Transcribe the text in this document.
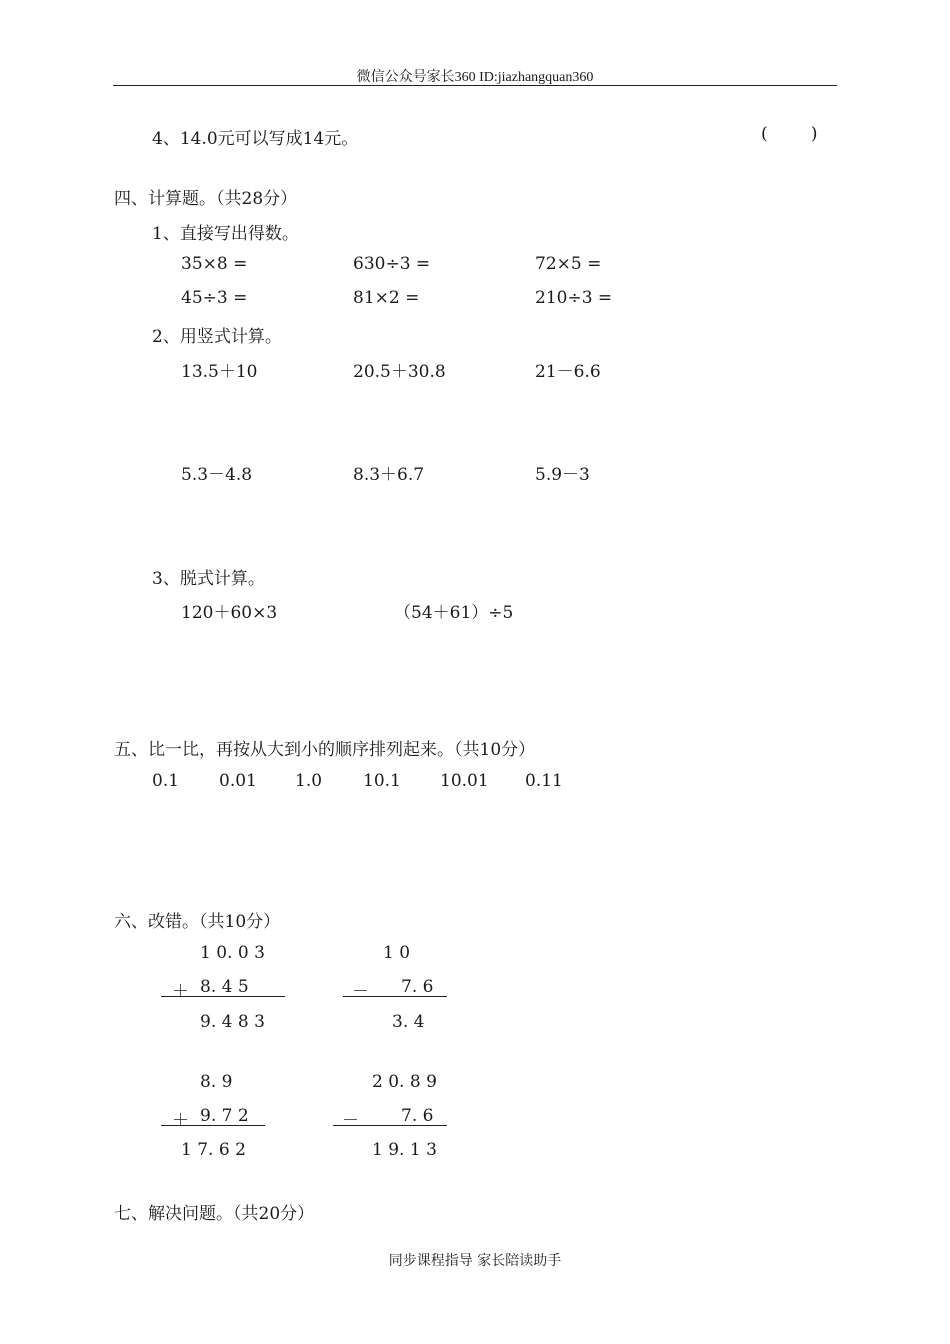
微信公众号家长360 ID:jiazhangquan360
4、14.0元可以写成14元。	(        )
四、计算题。（共28分）
1、直接写出得数。
35×8 =	630÷3 =	72×5 =
45÷3 =	81×2 =	210÷3 =
2、用竖式计算。
13.5＋10	20.5＋30.8	21－6.6
5.3－4.8	8.3＋6.7	5.9－3
3、脱式计算。
120＋60×3	（54＋61）÷5
五、比一比，再按从大到小的顺序排列起来。（共10分）
0.1 0.01 1.0 10.1 10.01 0.11
六、改错。（共10分）
1 0. 0 3
＋ 8. 4 5
9. 4 8 3
1 0
－ 7. 6
3. 4
8. 9
＋ 9. 7 2
1 7. 6 2
2 0. 8 9
－ 7. 6
1 9. 1 3
七、解决问题。（共20分）
同步课程指导 家长陪读助手
